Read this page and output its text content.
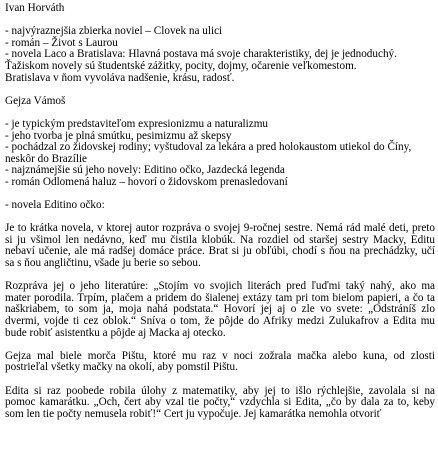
Ivan Horváth
- najvýraznejšia zbierka noviel – Clovek na ulici
- román – Život s Laurou
- novela Laco a Bratislava: Hlavná postava má svoje charakteristiky, dej je jednoduchý.
Ťažiskom novely sú študentské zážitky, pocity, dojmy, očarenie veľkomestom.
Bratislava v ňom vyvoláva nadšenie, krásu, radosť.
Gejza Vámoš
- je typickým predstaviteľom expresionizmu a naturalizmu
- jeho tvorba je plná smútku, pesimizmu až skepsy
- pochádzal zo židovskej rodiny; vyštudoval za lekára a pred holokaustom utiekol do Číny,
neskôr do Brazílie
- najznámejšie sú jeho novely: Editino očko, Jazdecká legenda
- román Odlomená haluz – hovorí o židovskom prenasledovaní
- novela Editino očko:
Je to krátka novela, v ktorej autor rozpráva o svojej 9-ročnej sestre. Nemá rád malé deti, preto
si ju všimol len nedávno, keď mu čistila klobúk. Na rozdiel od staršej sestry Macky, Editu
nebaví učenie, ale má radšej domáce práce. Brat si ju obľúbi, chodí s ňou na prechádzky, učí
sa s ňou angličtinu, všade ju berie so sebou.
Rozpráva jej o jeho literatúre: „Stojím vo svojich literách pred ľuďmi taký nahý, ako ma
mater porodila. Trpím, plačem a pridem do šialenej extázy tam pri tom bielom papieri, a čo ta
naškriabem, to som ja, moja nahá podstata.“ Hovorí jej aj o zle vo svete: „Odstráníš zlo
dvermi, vojde ti cez oblok.“ Sníva o tom, že pôjde do Afriky medzi Zulukafrov a Edita mu
bude robiť asistentku a pôjde aj Macka aj otecko.
Gejza mal biele morča Pištu, ktoré mu raz v noci zožrala mačka alebo kuna, od zlosti
postrieľal všetky mačky na okolí, aby pomstil Pištu.
Edita si raz poobede robila úlohy z matematiky, aby jej to išlo rýchlejšie, zavolala si na
pomoc kamarátku. „Och, čert aby vzal tie počty,“ vzdychla si Edita, „čo by dala za to, keby
som len tie počty nemusela robiť!“ Čert ju vypočuje. Jej kamarátka nemohla otvoriť
